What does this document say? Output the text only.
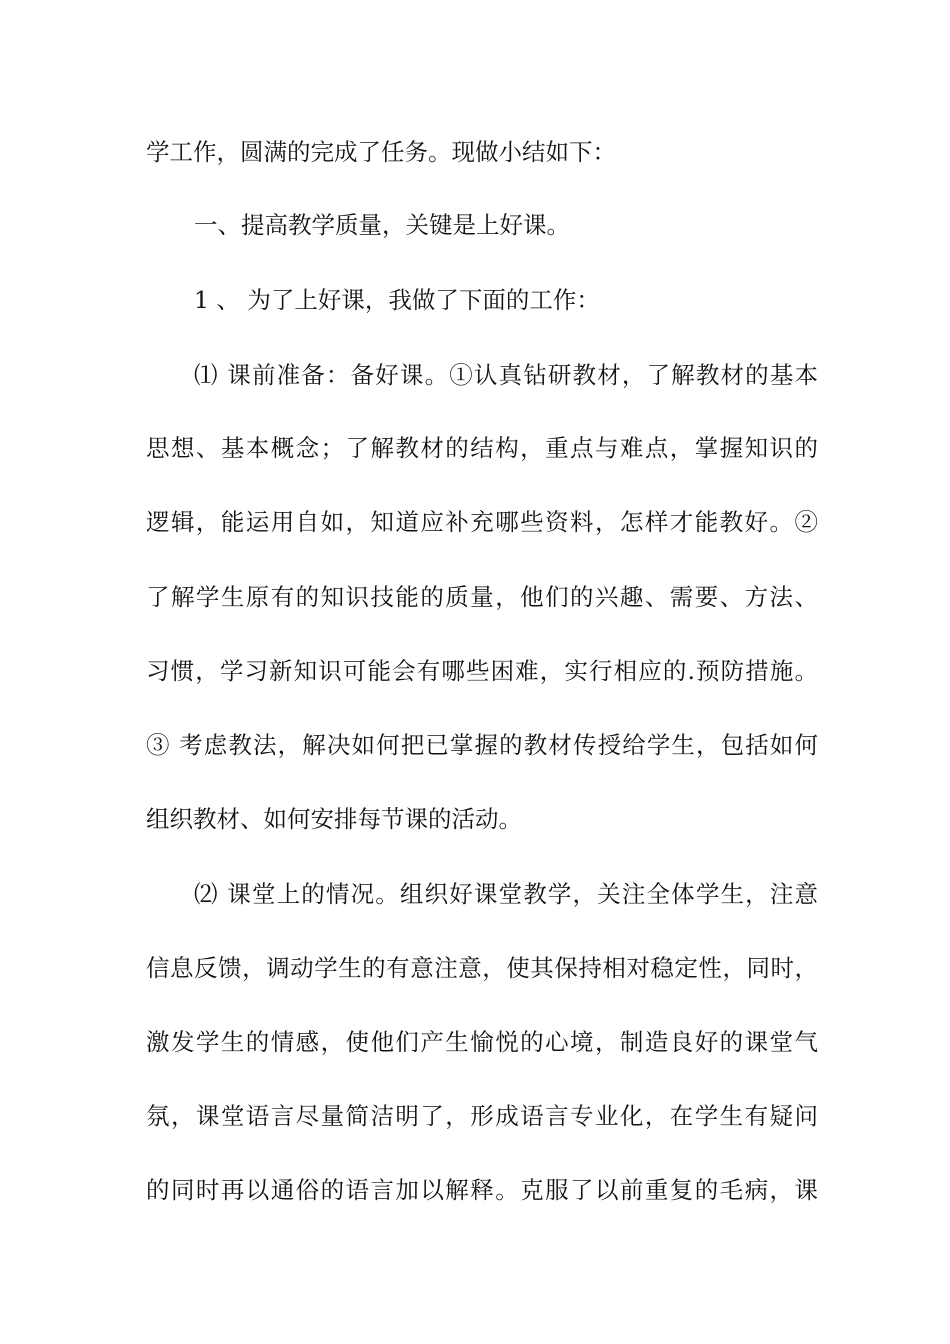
学工作，圆满的完成了任务。现做小结如下：
一、提高教学质量，关键是上好课。
1 、 为了上好课，我做了下面的工作：
⑴ 课前准备：备好课。①认真钻研教材，了解教材的基本
思想、基本概念；了解教材的结构，重点与难点，掌握知识的
逻辑，能运用自如，知道应补充哪些资料，怎样才能教好。②
了解学生原有的知识技能的质量，他们的兴趣、需要、方法、
习惯，学习新知识可能会有哪些困难，实行相应的.预防措施。
③ 考虑教法，解决如何把已掌握的教材传授给学生，包括如何
组织教材、如何安排每节课的活动。
⑵ 课堂上的情况。组织好课堂教学，关注全体学生，注意
信息反馈，调动学生的有意注意，使其保持相对稳定性，同时，
激发学生的情感，使他们产生愉悦的心境，制造良好的课堂气
氛，课堂语言尽量简洁明了，形成语言专业化，在学生有疑问
的同时再以通俗的语言加以解释。克服了以前重复的毛病，课
